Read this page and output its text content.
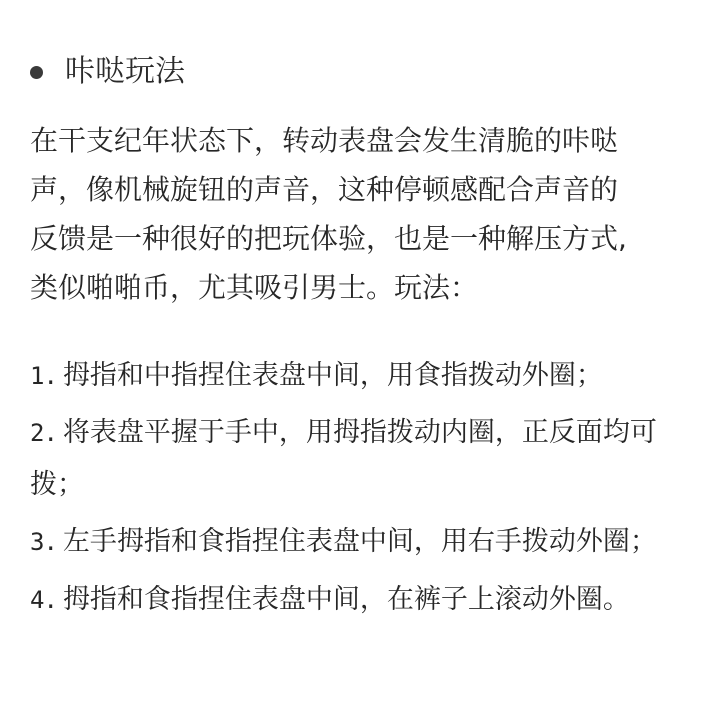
咔哒玩法
在干支纪年状态下，转动表盘会发生清脆的咔哒
声，像机械旋钮的声音，这种停顿感配合声音的
反馈是一种很好的把玩体验，也是一种解压方式,
类似啪啪币，尤其吸引男士。玩法：
1. 拇指和中指捏住表盘中间，用食指拨动外圈；
2. 将表盘平握于手中，用拇指拨动内圈，正反面均可
拨；
3. 左手拇指和食指捏住表盘中间，用右手拨动外圈；
4. 拇指和食指捏住表盘中间，在裤子上滚动外圈。
